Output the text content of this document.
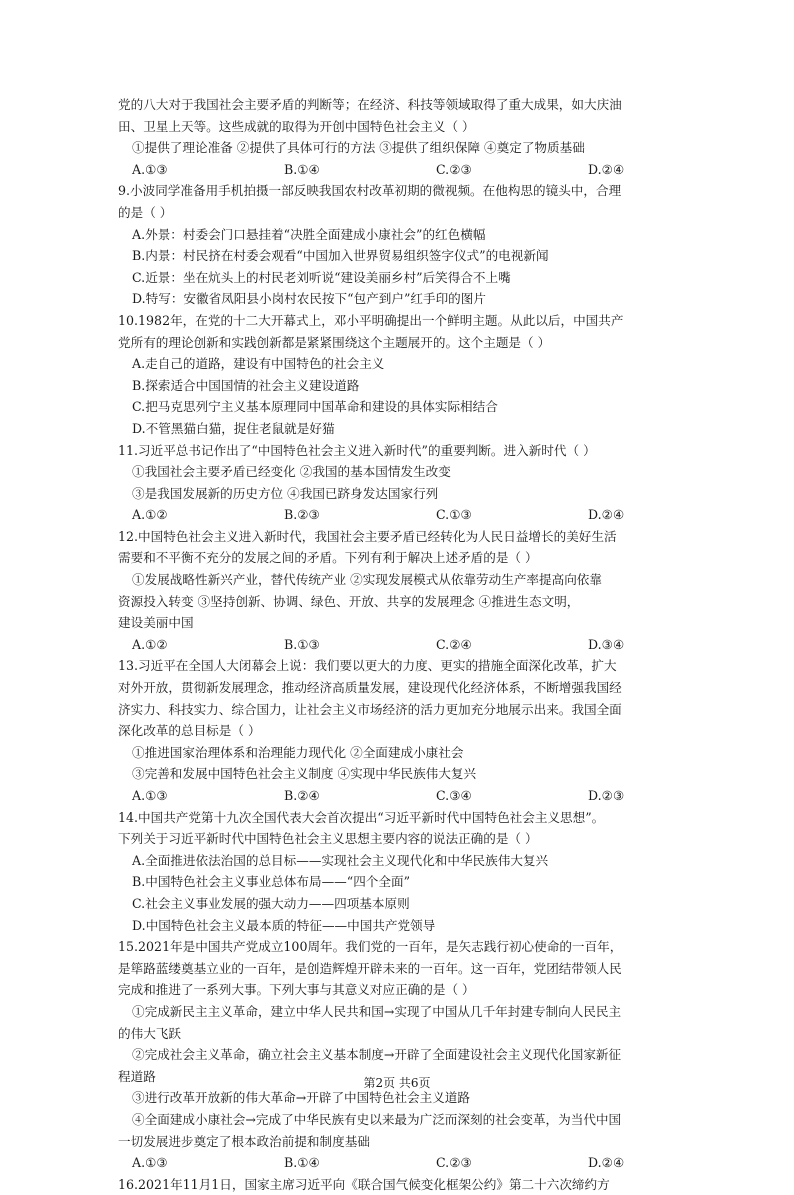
党的八大对于我国社会主要矛盾的判断等；在经济、科技等领域取得了重大成果，如大庆油
田、卫星上天等。这些成就的取得为开创中国特色社会主义（ ）
①提供了理论准备 ②提供了具体可行的方法 ③提供了组织保障 ④奠定了物质基础
A.①③	B.①④	C.②③	D.②④
9.小波同学准备用手机拍摄一部反映我国农村改革初期的微视频。在他构思的镜头中，合理
的是（ ）
A.外景：村委会门口悬挂着“决胜全面建成小康社会”的红色横幅
B.内景：村民挤在村委会观看“中国加入世界贸易组织签字仪式”的电视新闻
C.近景：坐在炕头上的村民老刘听说“建设美丽乡村”后笑得合不上嘴
D.特写：安徽省凤阳县小岗村农民按下“包产到户”红手印的图片
10.1982年，在党的十二大开幕式上，邓小平明确提出一个鲜明主题。从此以后，中国共产
党所有的理论创新和实践创新都是紧紧围绕这个主题展开的。这个主题是（ ）
A.走自己的道路，建设有中国特色的社会主义
B.探索适合中国国情的社会主义建设道路
C.把马克思列宁主义基本原理同中国革命和建设的具体实际相结合
D.不管黑猫白猫，捉住老鼠就是好猫
11.习近平总书记作出了“中国特色社会主义进入新时代”的重要判断。进入新时代（ ）
①我国社会主要矛盾已经变化 ②我国的基本国情发生改变
③是我国发展新的历史方位 ④我国已跻身发达国家行列
A.①②	B.②③	C.①③	D.②④
12.中国特色社会主义进入新时代，我国社会主要矛盾已经转化为人民日益增长的美好生活
需要和不平衡不充分的发展之间的矛盾。下列有利于解决上述矛盾的是（ ）
①发展战略性新兴产业，替代传统产业 ②实现发展模式从依靠劳动生产率提高向依靠
资源投入转变 ③坚持创新、协调、绿色、开放、共享的发展理念 ④推进生态文明，
建设美丽中国
A.①②	B.①③	C.②④	D.③④
13.习近平在全国人大闭幕会上说：我们要以更大的力度、更实的措施全面深化改革，扩大
对外开放，贯彻新发展理念，推动经济高质量发展，建设现代化经济体系，不断增强我国经
济实力、科技实力、综合国力，让社会主义市场经济的活力更加充分地展示出来。我国全面
深化改革的总目标是（ ）
①推进国家治理体系和治理能力现代化 ②全面建成小康社会
③完善和发展中国特色社会主义制度 ④实现中华民族伟大复兴
A.①③	B.②④	C.③④	D.②③
14.中国共产党第十九次全国代表大会首次提出“习近平新时代中国特色社会主义思想”。
下列关于习近平新时代中国特色社会主义思想主要内容的说法正确的是（ ）
A.全面推进依法治国的总目标——实现社会主义现代化和中华民族伟大复兴
B.中国特色社会主义事业总体布局——“四个全面”
C.社会主义事业发展的强大动力——四项基本原则
D.中国特色社会主义最本质的特征——中国共产党领导
15.2021年是中国共产党成立100周年。我们党的一百年，是矢志践行初心使命的一百年，
是筚路蓝缕奠基立业的一百年，是创造辉煌开辟未来的一百年。这一百年，党团结带领人民
完成和推进了一系列大事。下列大事与其意义对应正确的是（ ）
①完成新民主主义革命，建立中华人民共和国→实现了中国从几千年封建专制向人民民主
的伟大飞跃
②完成社会主义革命，确立社会主义基本制度→开辟了全面建设社会主义现代化国家新征
程道路
③进行改革开放新的伟大革命→开辟了中国特色社会主义道路
④全面建成小康社会→完成了中华民族有史以来最为广泛而深刻的社会变革，为当代中国
一切发展进步奠定了根本政治前提和制度基础
A.①③	B.①④	C.②③	D.②④
16.2021年11月1日，国家主席习近平向《联合国气候变化框架公约》第二十六次缔约方
第2页 共6页
